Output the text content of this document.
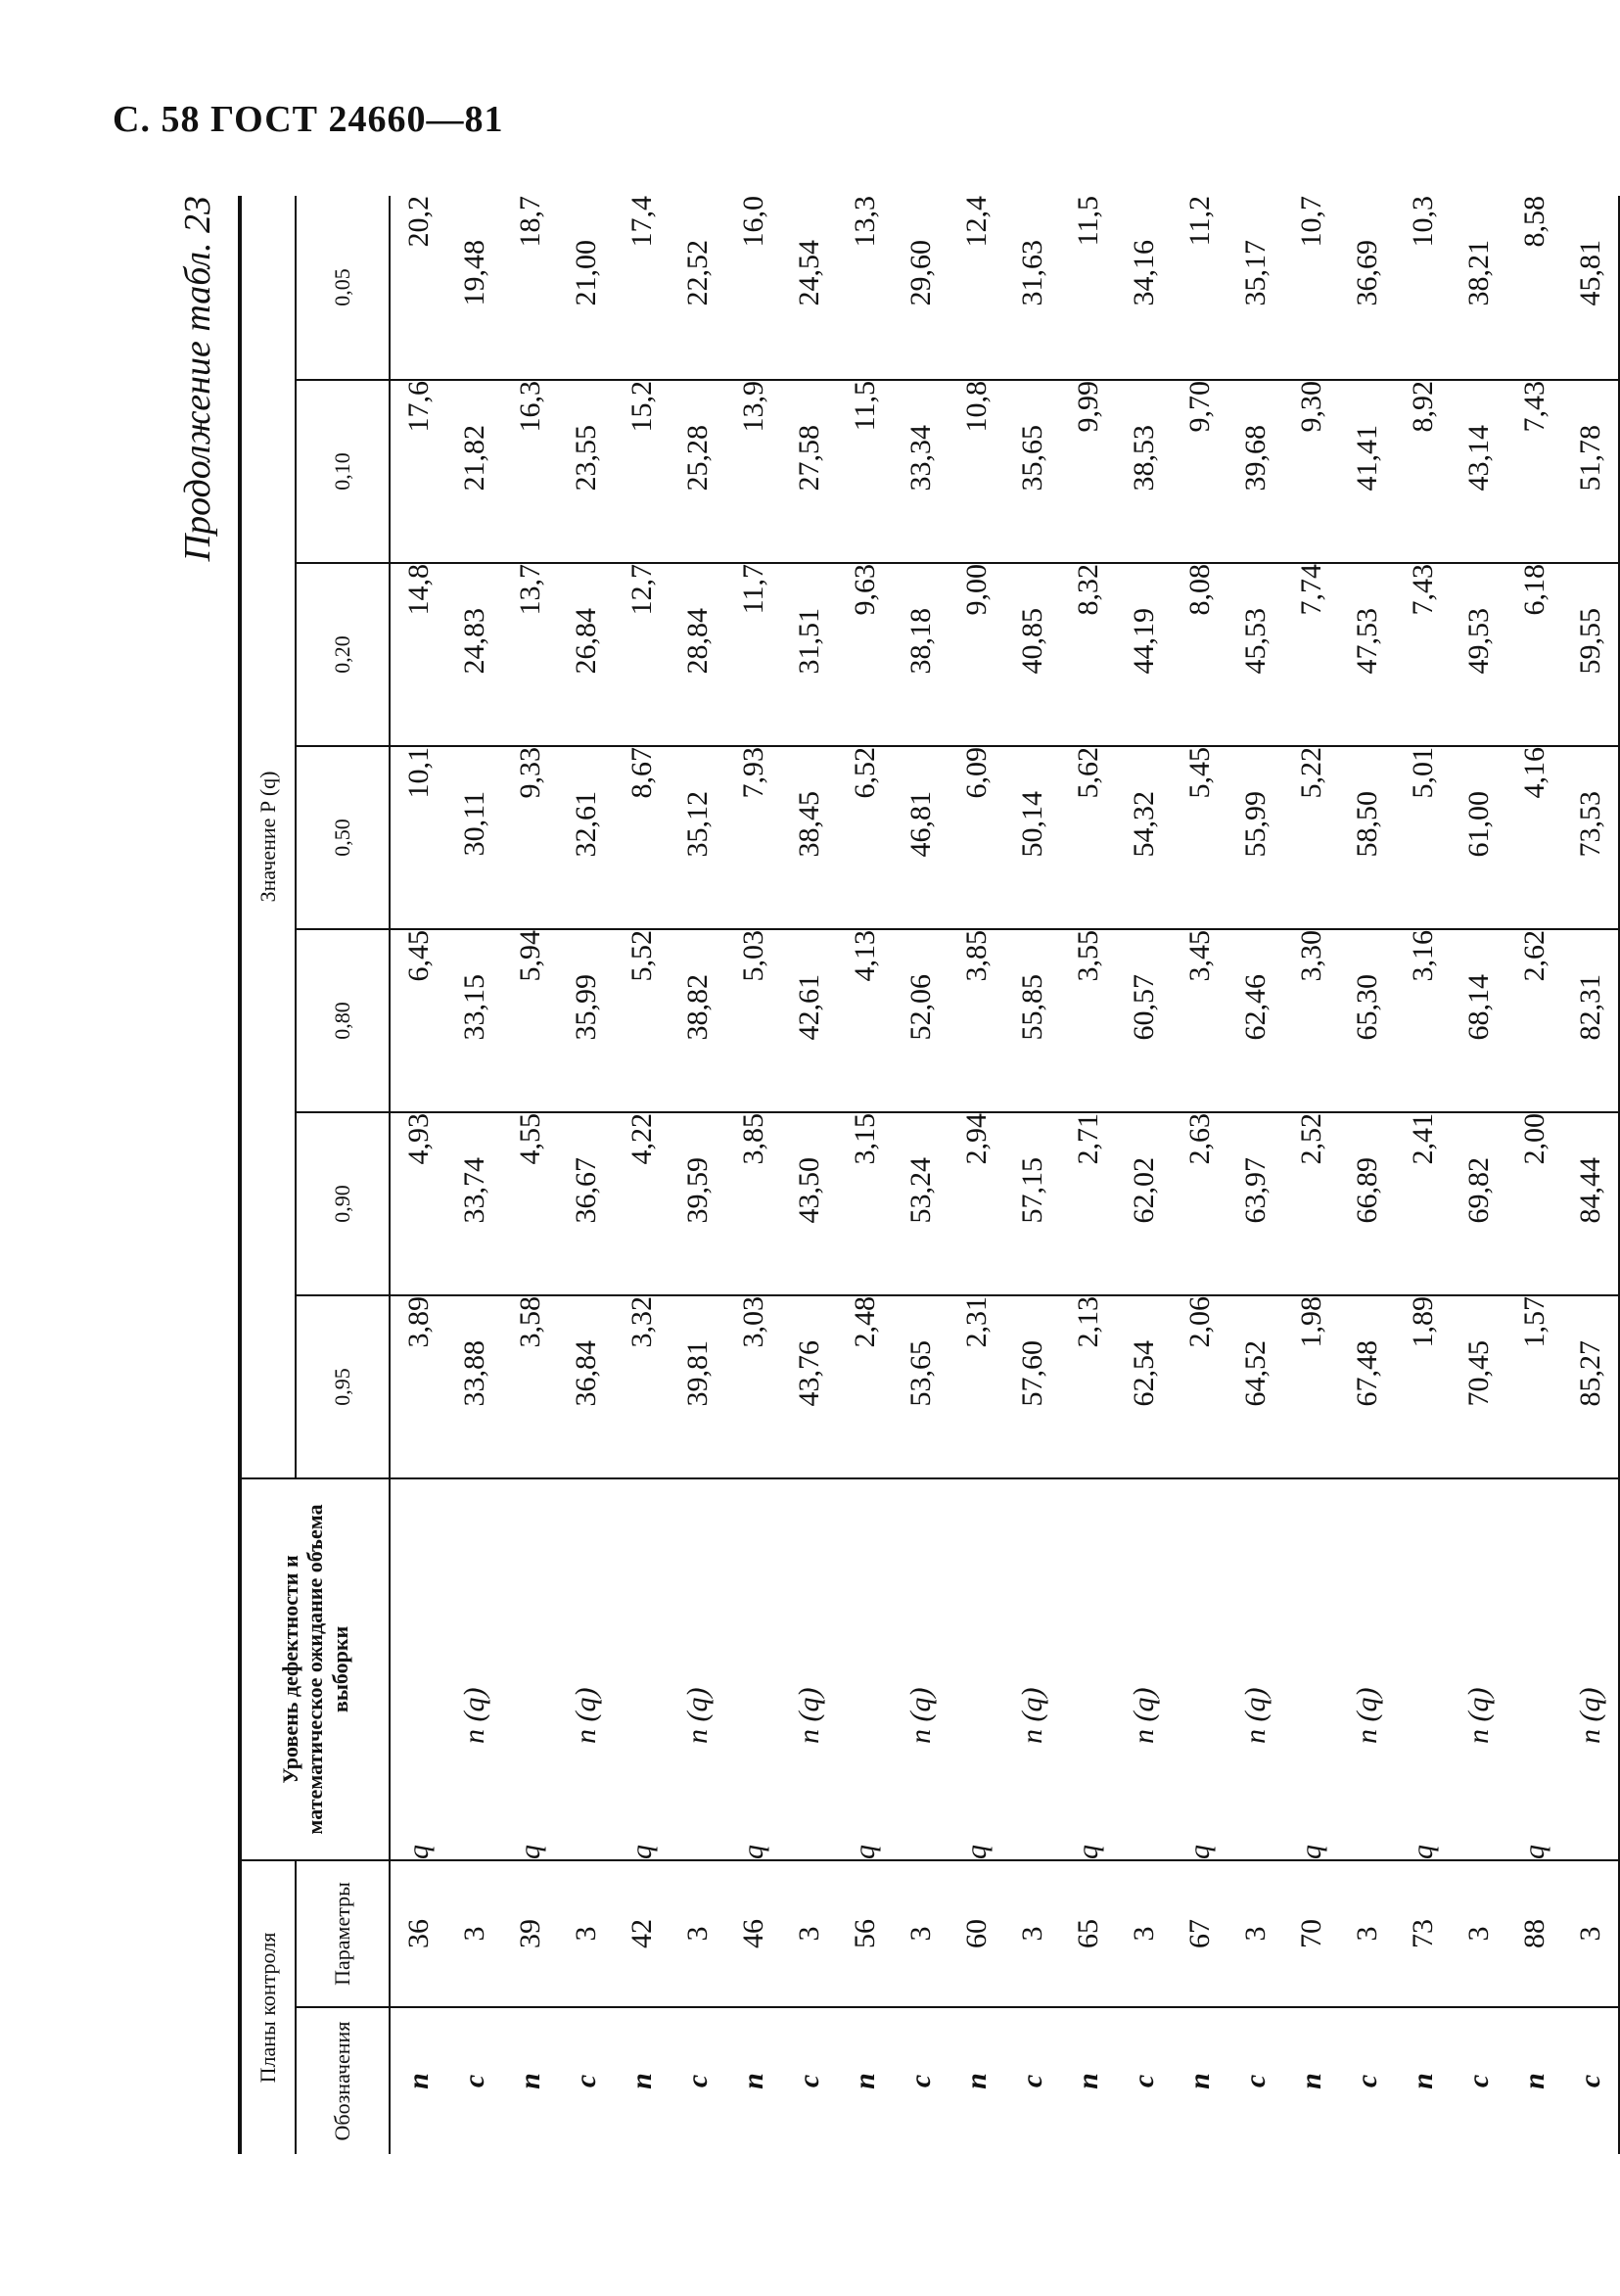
С. 58 ГОСТ 24660—81
Продолжение табл. 23
Планы контроля		Уровень дефектности и математическое ожидание объема выборки	Значение P (q)						
Обозначения	Параметры		0,95	0,90	0,80	0,50	0,20	0,10	0,05
n	36	q	3,89	4,93	6,45	10,1	14,8	17,6	20,2
c	3	n (q)	33,88	33,74	33,15	30,11	24,83	21,82	19,48
n	39	q	3,58	4,55	5,94	9,33	13,7	16,3	18,7
c	3	n (q)	36,84	36,67	35,99	32,61	26,84	23,55	21,00
n	42	q	3,32	4,22	5,52	8,67	12,7	15,2	17,4
c	3	n (q)	39,81	39,59	38,82	35,12	28,84	25,28	22,52
n	46	q	3,03	3,85	5,03	7,93	11,7	13,9	16,0
c	3	n (q)	43,76	43,50	42,61	38,45	31,51	27,58	24,54
n	56	q	2,48	3,15	4,13	6,52	9,63	11,5	13,3
c	3	n (q)	53,65	53,24	52,06	46,81	38,18	33,34	29,60
n	60	q	2,31	2,94	3,85	6,09	9,00	10,8	12,4
c	3	n (q)	57,60	57,15	55,85	50,14	40,85	35,65	31,63
n	65	q	2,13	2,71	3,55	5,62	8,32	9,99	11,5
c	3	n (q)	62,54	62,02	60,57	54,32	44,19	38,53	34,16
n	67	q	2,06	2,63	3,45	5,45	8,08	9,70	11,2
c	3	n (q)	64,52	63,97	62,46	55,99	45,53	39,68	35,17
n	70	q	1,98	2,52	3,30	5,22	7,74	9,30	10,7
c	3	n (q)	67,48	66,89	65,30	58,50	47,53	41,41	36,69
n	73	q	1,89	2,41	3,16	5,01	7,43	8,92	10,3
c	3	n (q)	70,45	69,82	68,14	61,00	49,53	43,14	38,21
n	88	q	1,57	2,00	2,62	4,16	6,18	7,43	8,58
c	3	n (q)	85,27	84,44	82,31	73,53	59,55	51,78	45,81
